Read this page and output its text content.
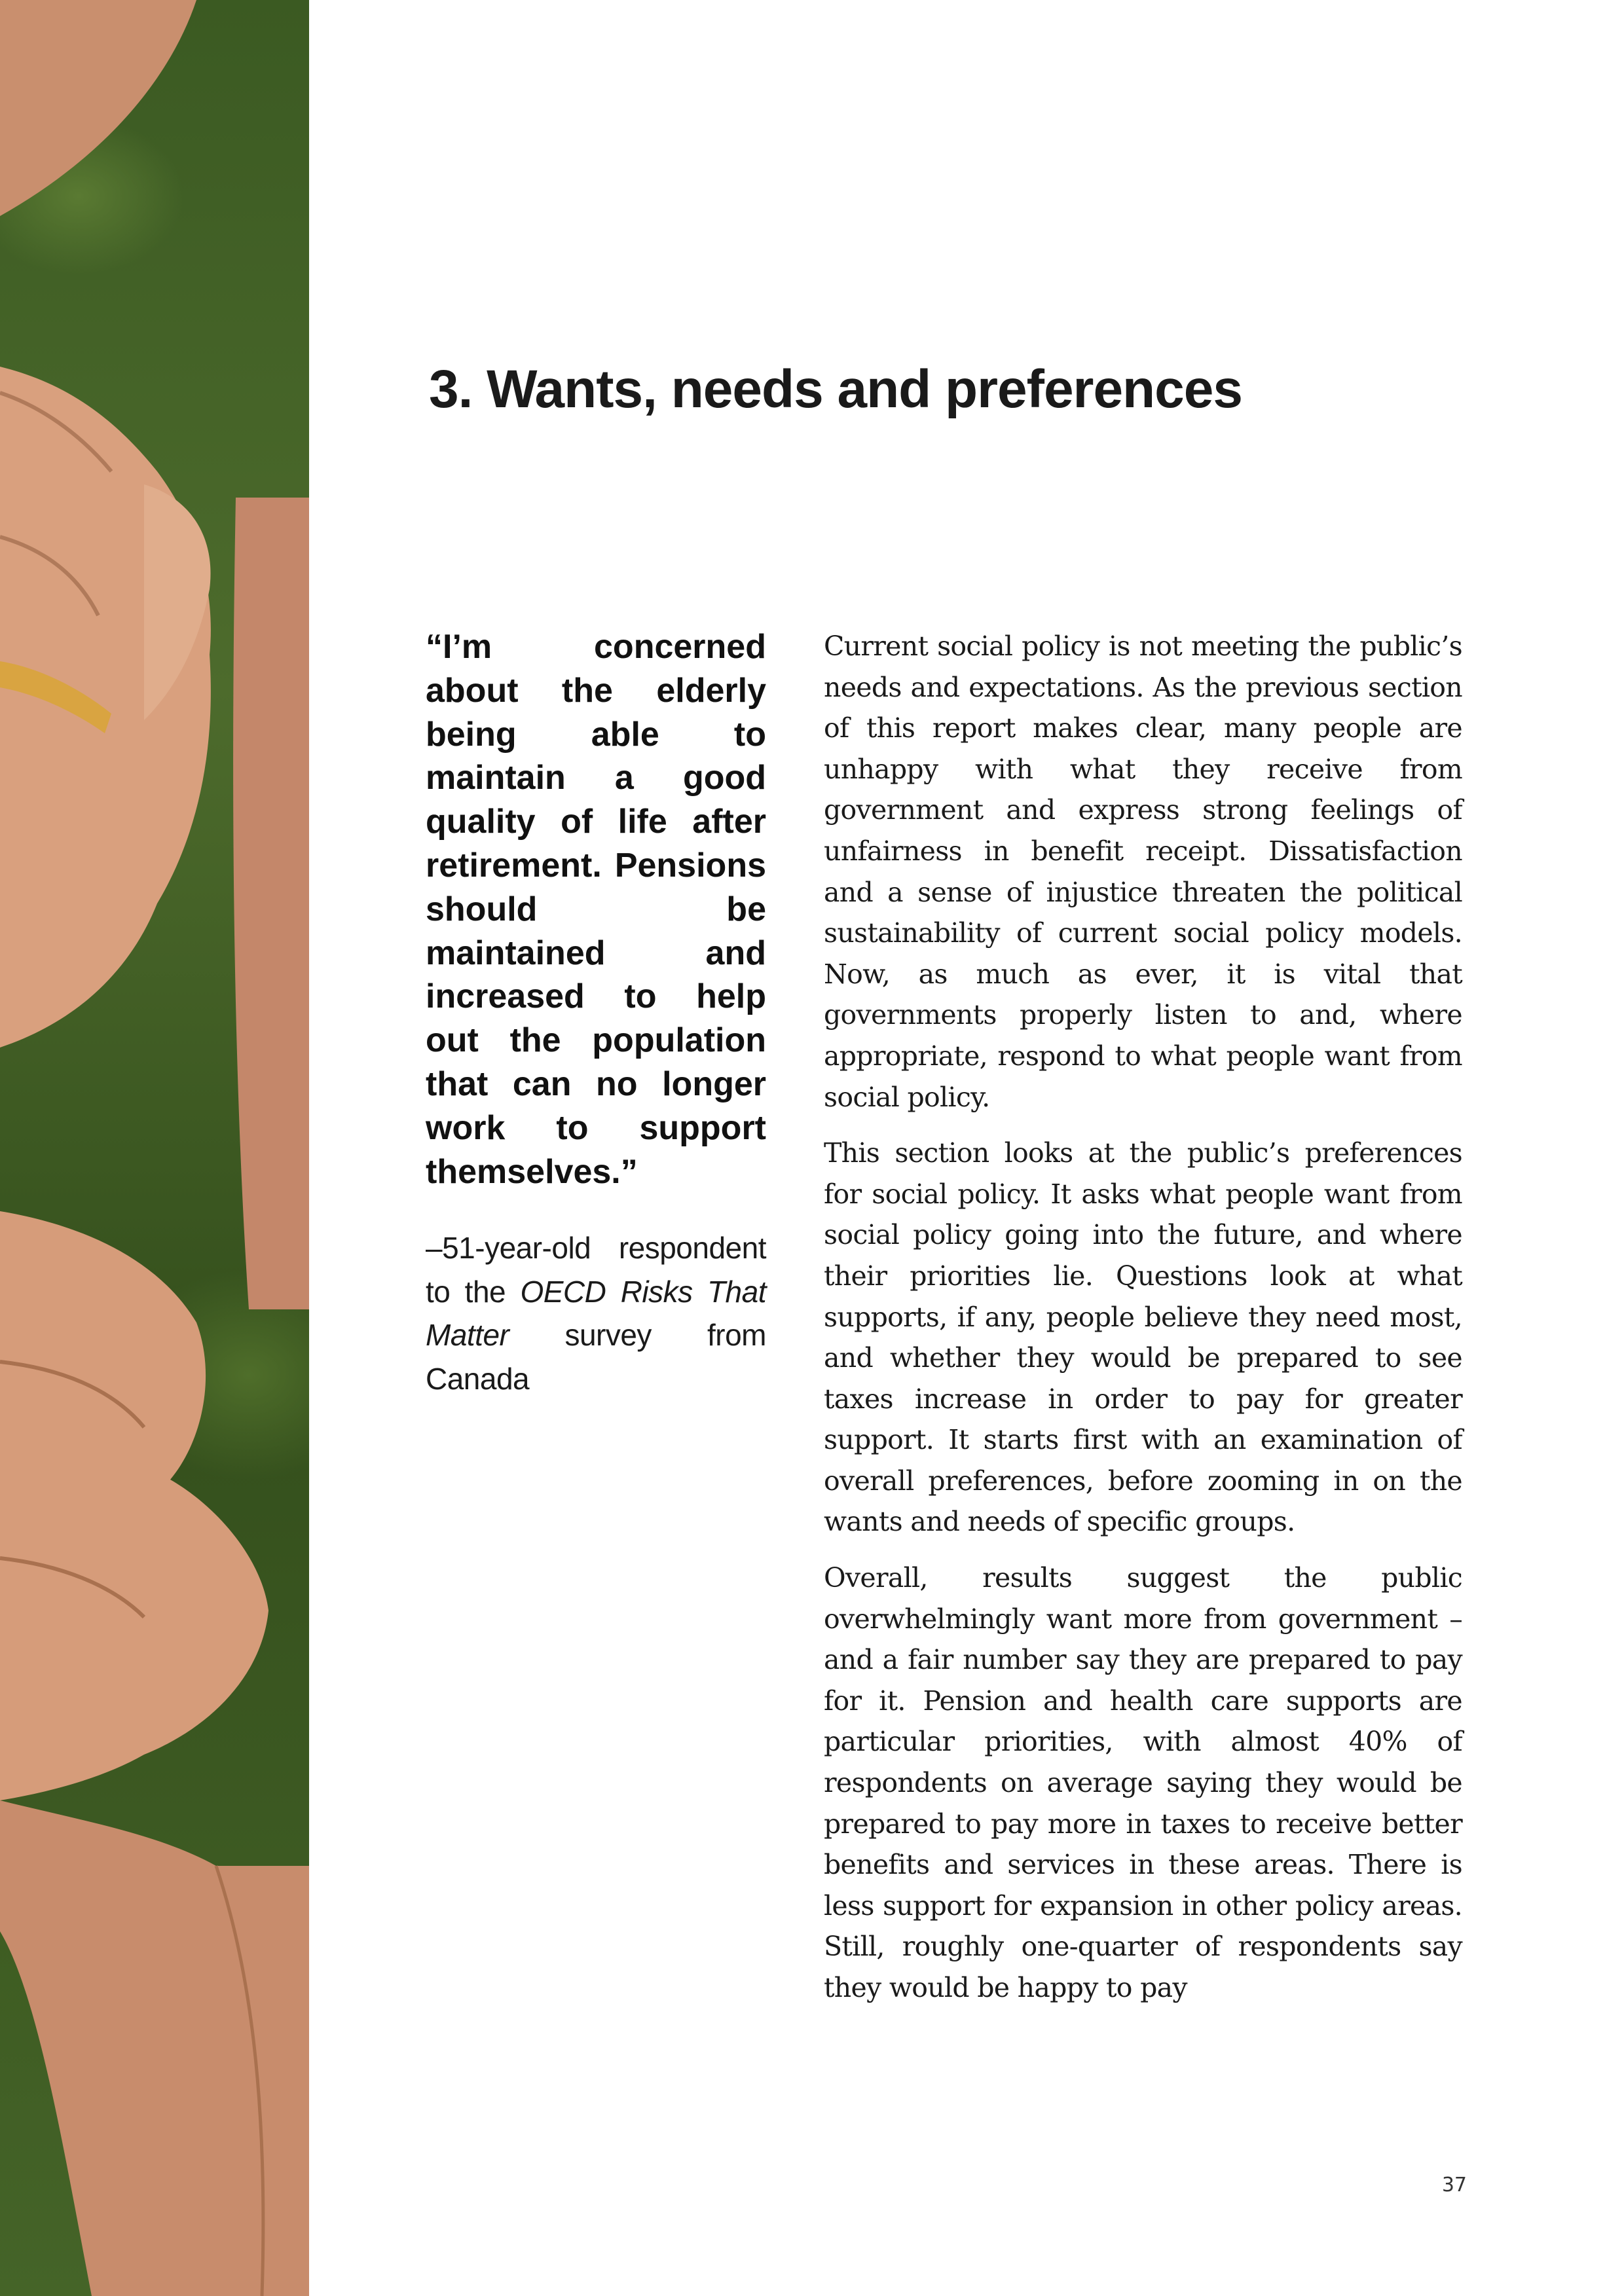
3. Wants, needs and preferences

“I’m concerned about the elderly being able to maintain a good quality of life after retirement. Pensions should be maintained and increased to help out the population that can no longer work to support themselves.”

–51-year-old respondent to the OECD Risks That Matter survey from Canada

Current social policy is not meeting the public’s needs and expectations. As the previous section of this report makes clear, many people are unhappy with what they receive from government and express strong feelings of unfairness in benefit receipt. Dissatisfaction and a sense of injustice threaten the political sustainability of current social policy models. Now, as much as ever, it is vital that governments properly listen to and, where appropriate, respond to what people want from social policy.

This section looks at the public’s preferences for social policy. It asks what people want from social policy going into the future, and where their priorities lie. Questions look at what supports, if any, people believe they need most, and whether they would be prepared to see taxes increase in order to pay for greater support. It starts first with an examination of overall preferences, before zooming in on the wants and needs of specific groups.

Overall, results suggest the public overwhelmingly want more from government – and a fair number say they are prepared to pay for it. Pension and health care supports are particular priorities, with almost 40% of respondents on average saying they would be prepared to pay more in taxes to receive better benefits and services in these areas. There is less support for expansion in other policy areas. Still, roughly one-quarter of respondents say they would be happy to pay

37
